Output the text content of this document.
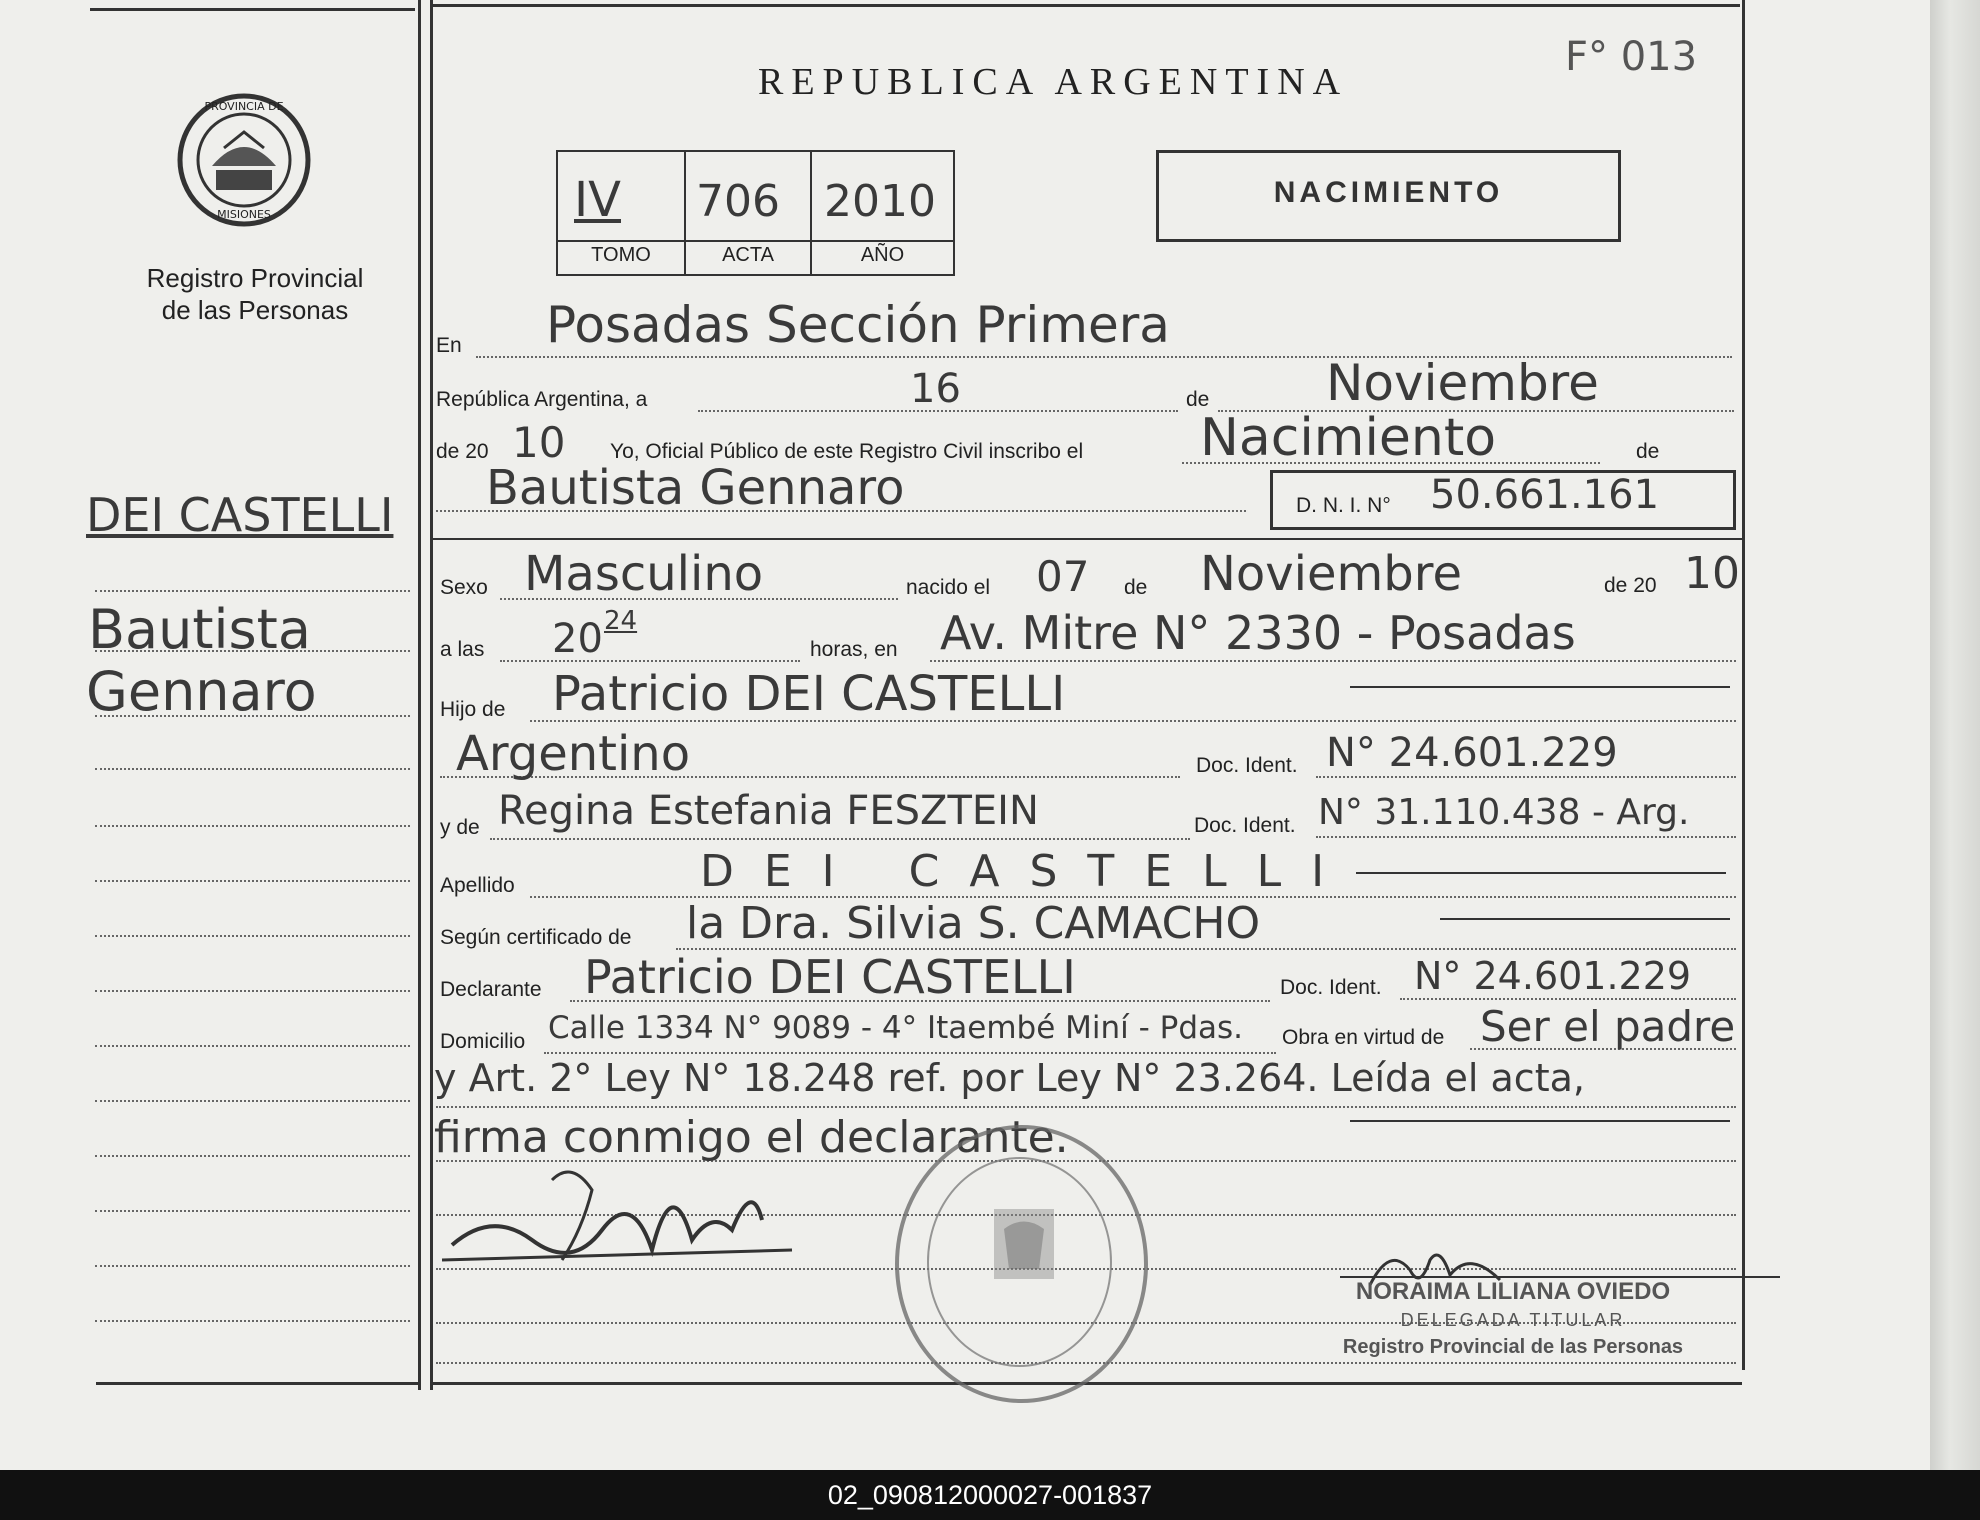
PROVINCIA DE
MISIONES
Registro Provincial
de las Personas
DEI CASTELLI
Bautista
Gennaro
REPUBLICA ARGENTINA
F° 013
IV 706 2010
TOMO	ACTA	AÑO
NACIMIENTO
En Posadas Sección Primera
República Argentina, a	16	de Noviembre
de 20 10 Yo, Oficial Público de este Registro Civil inscribo el Nacimiento	de
Bautista Gennaro	D. N. I. N° 50.661.161
Sexo Masculino	nacido el 07 de Noviembre	de 20 10
a las 20 24
horas, en Av. Mitre N° 2330 - Posadas
Hijo de Patricio DEI CASTELLI
Argentino	Doc. Ident. N° 24.601.229
y de Regina Estefania FESZTEIN	Doc. Ident. N° 31.110.438 - Arg.
Apellido	DEI CASTELLI
Según certificado de la Dra. Silvia S. CAMACHO
Declarante Patricio DEI CASTELLI	Doc. Ident. N° 24.601.229
Domicilio Calle 1334 N° 9089 - 4° Itaembé Miní - Pdas. Obra en virtud de Ser el padre
y Art. 2° Ley N° 18.248 ref. por Ley N° 23.264. Leída el acta,
firma conmigo el declarante.
NORAIMA LILIANA OVIEDO
DELEGADA TITULAR
Registro Provincial de las Personas
02_090812000027-001837
